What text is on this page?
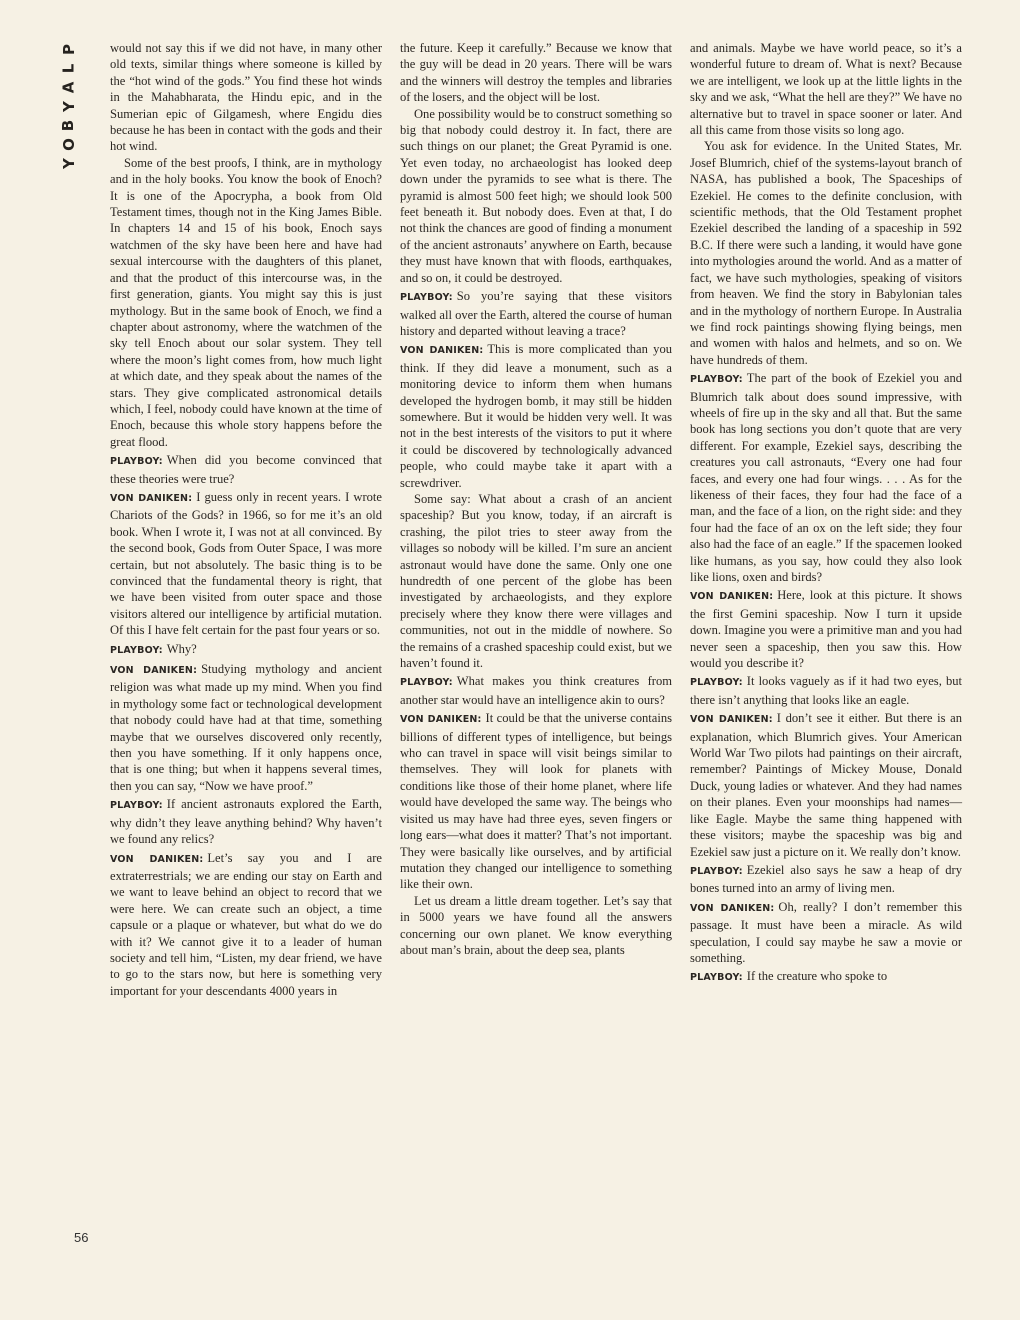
P
L
A
Y
B
O
Y
56

would not say this if we did not have, in many other old texts, similar things where someone is killed by the “hot wind of the gods.” You find these hot winds in the Mahabharata, the Hindu epic, and in the Sumerian epic of Gilgamesh, where Engidu dies because he has been in contact with the gods and their hot wind.

Some of the best proofs, I think, are in mythology and in the holy books. You know the book of Enoch? It is one of the Apocrypha, a book from Old Testament times, though not in the King James Bible. In chapters 14 and 15 of his book, Enoch says watchmen of the sky have been here and have had sexual intercourse with the daughters of this planet, and that the product of this intercourse was, in the first generation, giants. You might say this is just mythology. But in the same book of Enoch, we find a chapter about astronomy, where the watchmen of the sky tell Enoch about our solar system. They tell where the moon’s light comes from, how much light at which date, and they speak about the names of the stars. They give complicated astronomical details which, I feel, nobody could have known at the time of Enoch, because this whole story happens before the great flood.

PLAYBOY: When did you become convinced that these theories were true?

VON DANIKEN: I guess only in recent years. I wrote Chariots of the Gods? in 1966, so for me it’s an old book. When I wrote it, I was not at all convinced. By the second book, Gods from Outer Space, I was more certain, but not absolutely. The basic thing is to be convinced that the fundamental theory is right, that we have been visited from outer space and those visitors altered our intelligence by artificial mutation. Of this I have felt certain for the past four years or so.

PLAYBOY: Why?

VON DANIKEN: Studying mythology and ancient religion was what made up my mind. When you find in mythology some fact or technological development that nobody could have had at that time, something maybe that we ourselves discovered only recently, then you have something. If it only happens once, that is one thing; but when it happens several times, then you can say, “Now we have proof.”

PLAYBOY: If ancient astronauts explored the Earth, why didn’t they leave anything behind? Why haven’t we found any relics?

VON DANIKEN: Let’s say you and I are extraterrestrials; we are ending our stay on Earth and we want to leave behind an object to record that we were here. We can create such an object, a time capsule or a plaque or whatever, but what do we do with it? We cannot give it to a leader of human society and tell him, “Listen, my dear friend, we have to go to the stars now, but here is something very important for your descendants 4000 years in

the future. Keep it carefully.” Because we know that the guy will be dead in 20 years. There will be wars and the winners will destroy the temples and libraries of the losers, and the object will be lost.

One possibility would be to construct something so big that nobody could destroy it. In fact, there are such things on our planet; the Great Pyramid is one. Yet even today, no archaeologist has looked deep down under the pyramids to see what is there. The pyramid is almost 500 feet high; we should look 500 feet beneath it. But nobody does. Even at that, I do not think the chances are good of finding a monument of the ancient astronauts’ anywhere on Earth, because they must have known that with floods, earthquakes, and so on, it could be destroyed.

PLAYBOY: So you’re saying that these visitors walked all over the Earth, altered the course of human history and departed without leaving a trace?

VON DANIKEN: This is more complicated than you think. If they did leave a monument, such as a monitoring device to inform them when humans developed the hydrogen bomb, it may still be hidden somewhere. But it would be hidden very well. It was not in the best interests of the visitors to put it where it could be discovered by technologically advanced people, who could maybe take it apart with a screwdriver.

Some say: What about a crash of an ancient spaceship? But you know, today, if an aircraft is crashing, the pilot tries to steer away from the villages so nobody will be killed. I’m sure an ancient astronaut would have done the same. Only one one hundredth of one percent of the globe has been investigated by archaeologists, and they explore precisely where they know there were villages and communities, not out in the middle of nowhere. So the remains of a crashed spaceship could exist, but we haven’t found it.

PLAYBOY: What makes you think creatures from another star would have an intelligence akin to ours?

VON DANIKEN: It could be that the universe contains billions of different types of intelligence, but beings who can travel in space will visit beings similar to themselves. They will look for planets with conditions like those of their home planet, where life would have developed the same way. The beings who visited us may have had three eyes, seven fingers or long ears—what does it matter? That’s not important. They were basically like ourselves, and by artificial mutation they changed our intelligence to something like their own.

Let us dream a little dream together. Let’s say that in 5000 years we have found all the answers concerning our own planet. We know everything about man’s brain, about the deep sea, plants

and animals. Maybe we have world peace, so it’s a wonderful future to dream of. What is next? Because we are intelligent, we look up at the little lights in the sky and we ask, “What the hell are they?” We have no alternative but to travel in space sooner or later. And all this came from those visits so long ago.

You ask for evidence. In the United States, Mr. Josef Blumrich, chief of the systems-layout branch of NASA, has published a book, The Spaceships of Ezekiel. He comes to the definite conclusion, with scientific methods, that the Old Testament prophet Ezekiel described the landing of a spaceship in 592 B.C. If there were such a landing, it would have gone into mythologies around the world. And as a matter of fact, we have such mythologies, speaking of visitors from heaven. We find the story in Babylonian tales and in the mythology of northern Europe. In Australia we find rock paintings showing flying beings, men and women with halos and helmets, and so on. We have hundreds of them.

PLAYBOY: The part of the book of Ezekiel you and Blumrich talk about does sound impressive, with wheels of fire up in the sky and all that. But the same book has long sections you don’t quote that are very different. For example, Ezekiel says, describing the creatures you call astronauts, “Every one had four faces, and every one had four wings. . . . As for the likeness of their faces, they four had the face of a man, and the face of a lion, on the right side: and they four had the face of an ox on the left side; they four also had the face of an eagle.” If the spacemen looked like humans, as you say, how could they also look like lions, oxen and birds?

VON DANIKEN: Here, look at this picture. It shows the first Gemini spaceship. Now I turn it upside down. Imagine you were a primitive man and you had never seen a spaceship, then you saw this. How would you describe it?

PLAYBOY: It looks vaguely as if it had two eyes, but there isn’t anything that looks like an eagle.

VON DANIKEN: I don’t see it either. But there is an explanation, which Blumrich gives. Your American World War Two pilots had paintings on their aircraft, remember? Paintings of Mickey Mouse, Donald Duck, young ladies or whatever. And they had names on their planes. Even your moonships had names—like Eagle. Maybe the same thing happened with these visitors; maybe the spaceship was big and Ezekiel saw just a picture on it. We really don’t know.

PLAYBOY: Ezekiel also says he saw a heap of dry bones turned into an army of living men.

VON DANIKEN: Oh, really? I don’t remember this passage. It must have been a miracle. As wild speculation, I could say maybe he saw a movie or something.

PLAYBOY: If the creature who spoke to
